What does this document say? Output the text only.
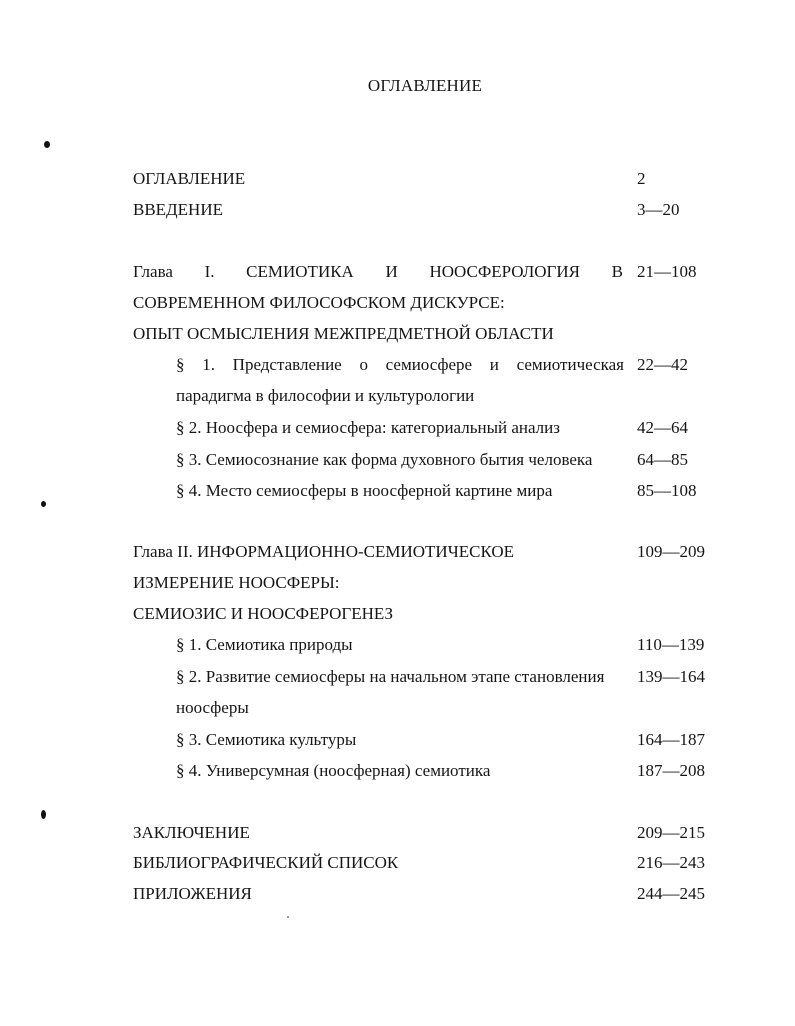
ОГЛАВЛЕНИЕ
ОГЛАВЛЕНИЕ	2
ВВЕДЕНИЕ	3—20
Глава I. СЕМИОТИКА И НООСФЕРОЛОГИЯ В 21—108
СОВРЕМЕННОМ ФИЛОСОФСКОМ ДИСКУРСЕ:
ОПЫТ ОСМЫСЛЕНИЯ МЕЖПРЕДМЕТНОЙ ОБЛАСТИ
§ 1. Представление о семиосфере и семиотическая 22—42
парадигма в философии и культурологии
§ 2. Ноосфера и семиосфера: категориальный анализ	42—64
§ 3. Семиосознание как форма духовного бытия человека	64—85
§ 4. Место семиосферы в ноосферной картине мира	85—108
Глава II. ИНФОРМАЦИОННО-СЕМИОТИЧЕСКОЕ	109—209
ИЗМЕРЕНИЕ НООСФЕРЫ:
СЕМИОЗИС И НООСФЕРОГЕНЕЗ
§ 1. Семиотика природы	110—139
§ 2. Развитие семиосферы на начальном этапе становления 139—164
ноосферы
§ 3. Семиотика культуры	164—187
§ 4. Универсумная (ноосферная) семиотика	187—208
ЗАКЛЮЧЕНИЕ	209—215
БИБЛИОГРАФИЧЕСКИЙ СПИСОК	216—243
ПРИЛОЖЕНИЯ	244—245
